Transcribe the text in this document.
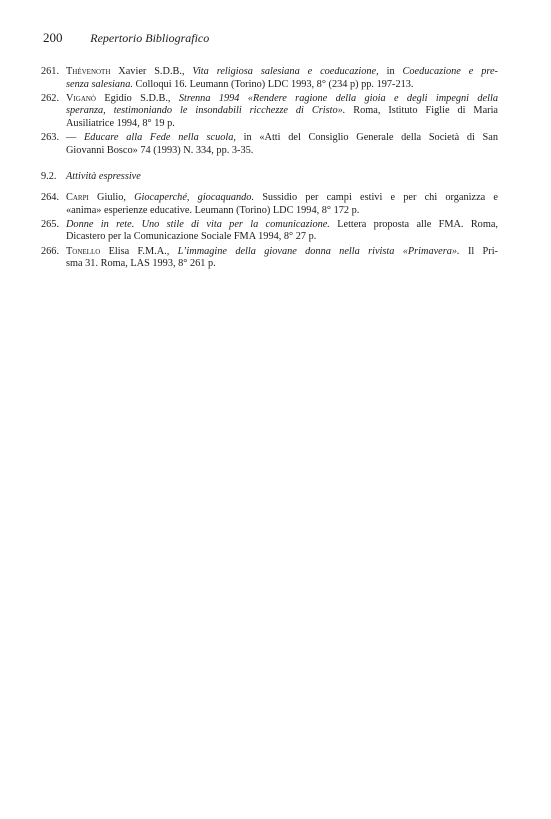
200 Repertorio Bibliografico
261. Thévenoth Xavier S.D.B., Vita religiosa salesiana e coeducazione, in Coeducazione e pre-
senza salesiana. Colloqui 16. Leumann (Torino) LDC 1993, 8° (234 p) pp. 197-213.
262. Viganò Egidio S.D.B., Strenna 1994 «Rendere ragione della gioia e degli impegni della
speranza, testimoniando le insondabili ricchezze di Cristo». Roma, Istituto Figlie di Maria
Ausiliatrice 1994, 8° 19 p.
263. — Educare alla Fede nella scuola, in «Atti del Consiglio Generale della Società di San
Giovanni Bosco» 74 (1993) N. 334, pp. 3-35.
9.2. Attività espressive
264. Carpi Giulio, Giocaperché, giocaquando. Sussidio per campi estivi e per chi organizza e
«anima» esperienze educative. Leumann (Torino) LDC 1994, 8° 172 p.
265. Donne in rete. Uno stile di vita per la comunicazione. Lettera proposta alle FMA. Roma,
Dicastero per la Comunicazione Sociale FMA 1994, 8° 27 p.
266. Tonello Elisa F.M.A., L’immagine della giovane donna nella rivista «Primavera». Il Pri-
sma 31. Roma, LAS 1993, 8° 261 p.
